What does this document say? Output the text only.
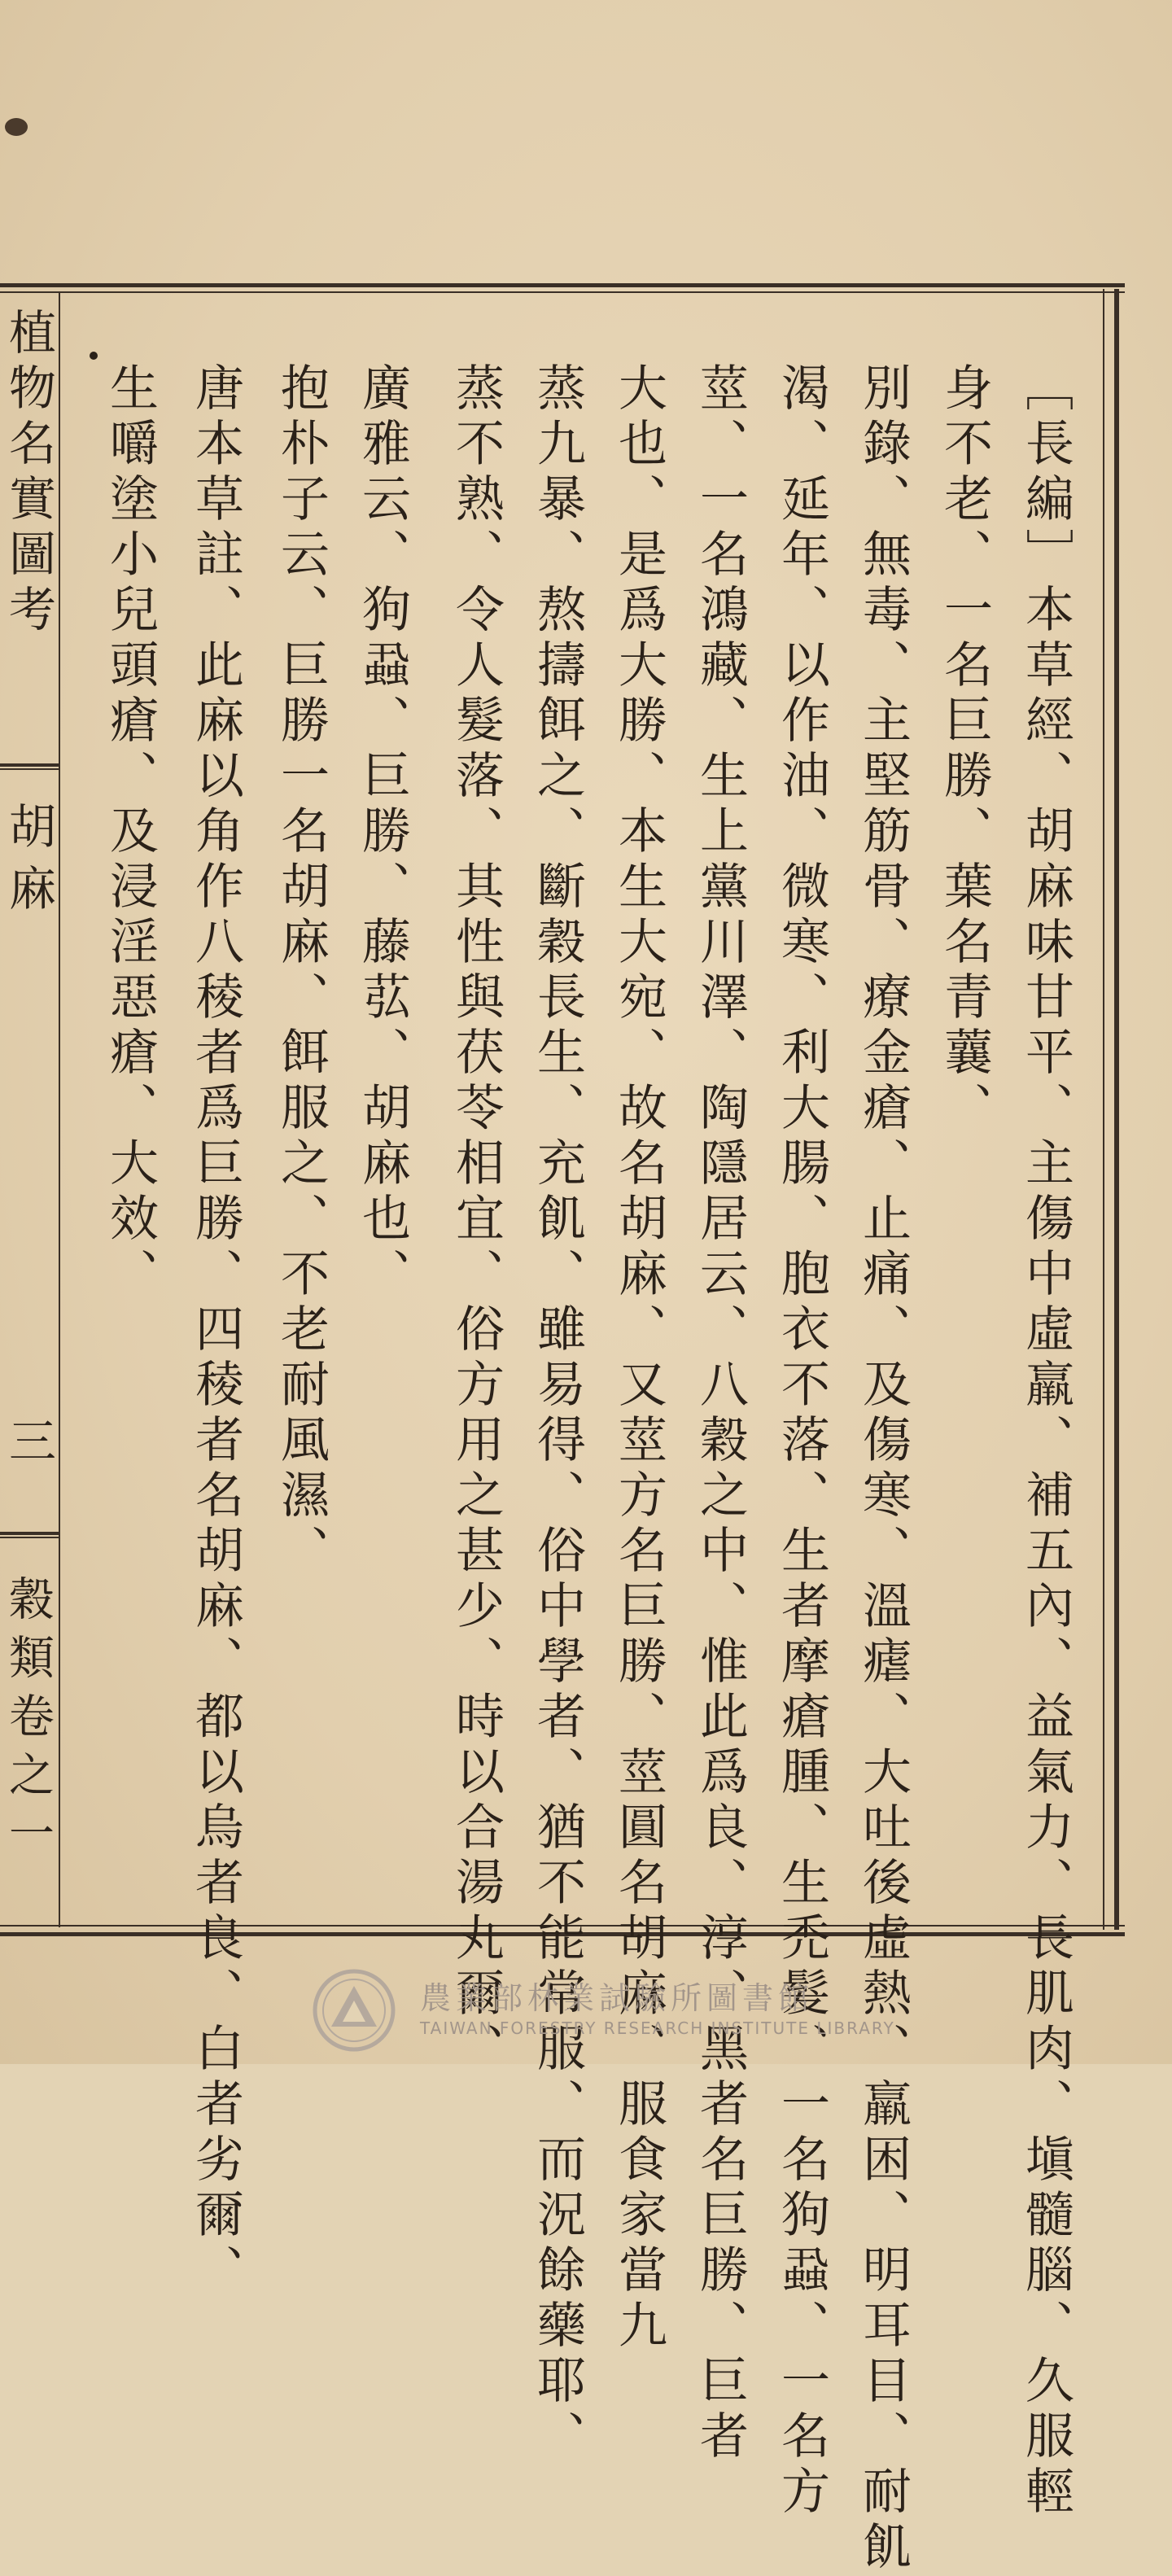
植物名實圖考
胡麻
三
穀類卷之一	［長編］本草經、胡麻味甘平、主傷中虛羸、補五內、益氣力、長肌肉、塡髓腦、久服輕
身不老、一名巨勝、葉名青蘘、
別錄、無毒、主堅筋骨、療金瘡、止痛、及傷寒、溫瘧、大吐後虛熱、羸困、明耳目、耐飢
渴、延年、以作油、微寒、利大腸、胞衣不落、生者摩瘡腫、生禿髮、一名狗蝨、一名方
莖、一名鴻藏、生上黨川澤、陶隱居云、八穀之中、惟此爲良、淳、黑者名巨勝、巨者
大也、是爲大勝、本生大宛、故名胡麻、又莖方名巨勝、莖圓名胡麻、服食家當九
蒸九暴、熬擣餌之、斷穀長生、充飢、雖易得、俗中學者、猶不能常服、而況餘藥耶、
蒸不熟、令人髮落、其性與茯苓相宜、俗方用之甚少、時以合湯丸爾、
廣雅云、狗蝨、巨勝、藤苰、胡麻也、
抱朴子云、巨勝一名胡麻、餌服之、不老耐風濕、
唐本草註、此麻以角作八稜者爲巨勝、四稜者名胡麻、都以烏者良、白者劣爾、
生嚼塗小兒頭瘡、及浸淫惡瘡、大效、
農業部林業試驗所圖書館
TAIWAN FORESTRY RESEARCH INSTITUTE LIBRARY
